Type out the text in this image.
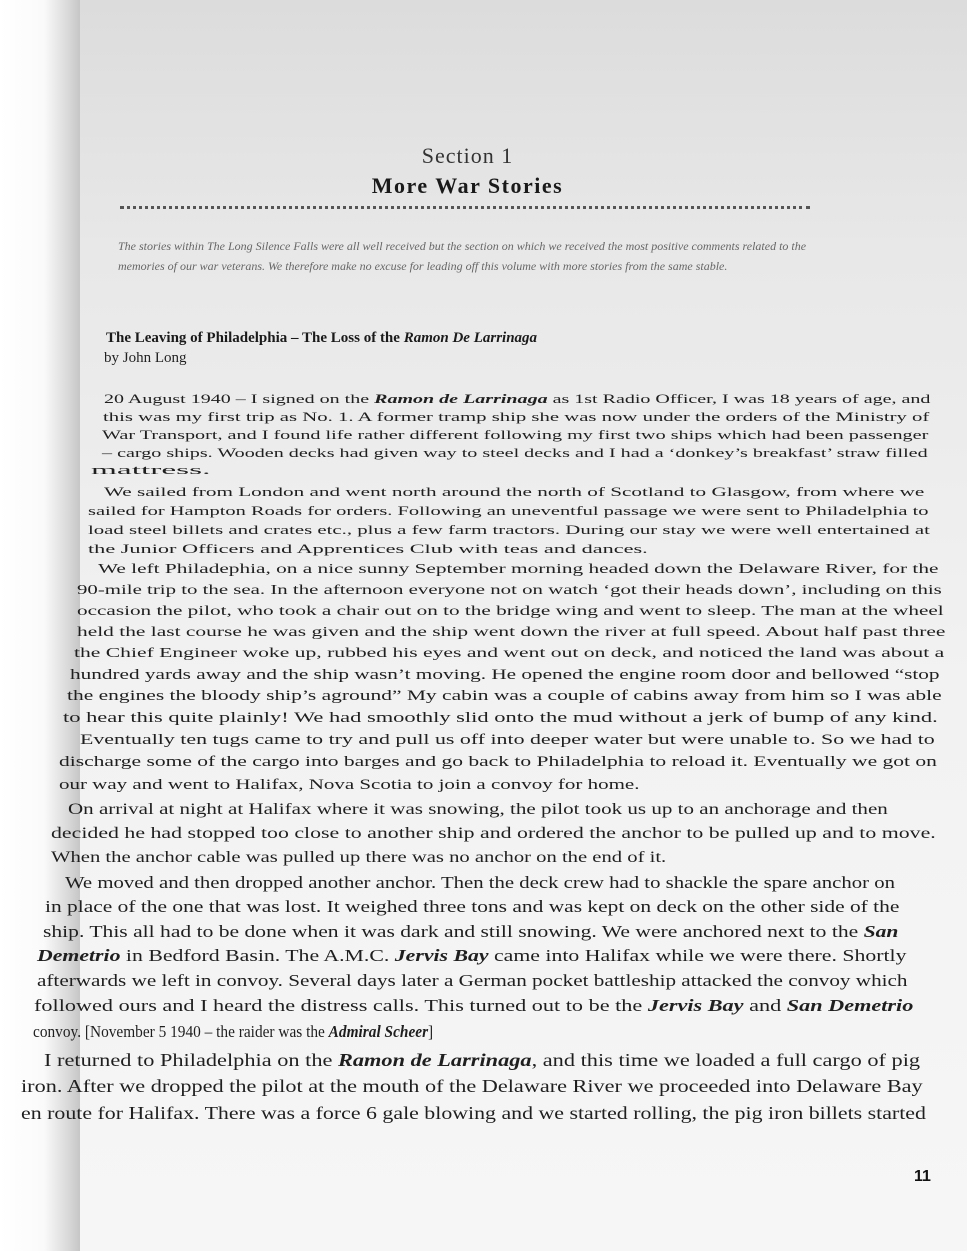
Section 1
More War Stories
The stories within The Long Silence Falls were all well received but the section on which we received the most positive comments related to the memories of our war veterans. We therefore make no excuse for leading off this volume with more stories from the same stable.
The Leaving of Philadelphia – The Loss of the Ramon De Larrinaga
by John Long
20 August 1940 – I signed on the Ramon de Larrinaga as 1st Radio Officer, I was 18 years of age, and
this was my first trip as No. 1. A former tramp ship she was now under the orders of the Ministry of
War Transport, and I found life rather different following my first two ships which had been passenger
– cargo ships. Wooden decks had given way to steel decks and I had a ‘donkey’s breakfast’ straw filled
mattress.
We sailed from London and went north around the north of Scotland to Glasgow, from where we
sailed for Hampton Roads for orders. Following an uneventful passage we were sent to Philadelphia to
load steel billets and crates etc., plus a few farm tractors. During our stay we were well entertained at
the Junior Officers and Apprentices Club with teas and dances.
We left Philadephia, on a nice sunny September morning headed down the Delaware River, for the
90-mile trip to the sea. In the afternoon everyone not on watch ‘got their heads down’, including on this
occasion the pilot, who took a chair out on to the bridge wing and went to sleep. The man at the wheel
held the last course he was given and the ship went down the river at full speed. About half past three
the Chief Engineer woke up, rubbed his eyes and went out on deck, and noticed the land was about a
hundred yards away and the ship wasn’t moving. He opened the engine room door and bellowed “stop
the engines the bloody ship’s aground” My cabin was a couple of cabins away from him so I was able
to hear this quite plainly! We had smoothly slid onto the mud without a jerk of bump of any kind.
Eventually ten tugs came to try and pull us off into deeper water but were unable to. So we had to
discharge some of the cargo into barges and go back to Philadelphia to reload it. Eventually we got on
our way and went to Halifax, Nova Scotia to join a convoy for home.
On arrival at night at Halifax where it was snowing, the pilot took us up to an anchorage and then
decided he had stopped too close to another ship and ordered the anchor to be pulled up and to move.
When the anchor cable was pulled up there was no anchor on the end of it.
We moved and then dropped another anchor. Then the deck crew had to shackle the spare anchor on
in place of the one that was lost. It weighed three tons and was kept on deck on the other side of the
ship. This all had to be done when it was dark and still snowing. We were anchored next to the San
Demetrio in Bedford Basin. The A.M.C. Jervis Bay came into Halifax while we were there. Shortly
afterwards we left in convoy. Several days later a German pocket battleship attacked the convoy which
followed ours and I heard the distress calls. This turned out to be the Jervis Bay and San Demetrio
convoy. [November 5 1940 – the raider was the Admiral Scheer]
I returned to Philadelphia on the Ramon de Larrinaga, and this time we loaded a full cargo of pig
iron. After we dropped the pilot at the mouth of the Delaware River we proceeded into Delaware Bay
en route for Halifax. There was a force 6 gale blowing and we started rolling, the pig iron billets started
11
